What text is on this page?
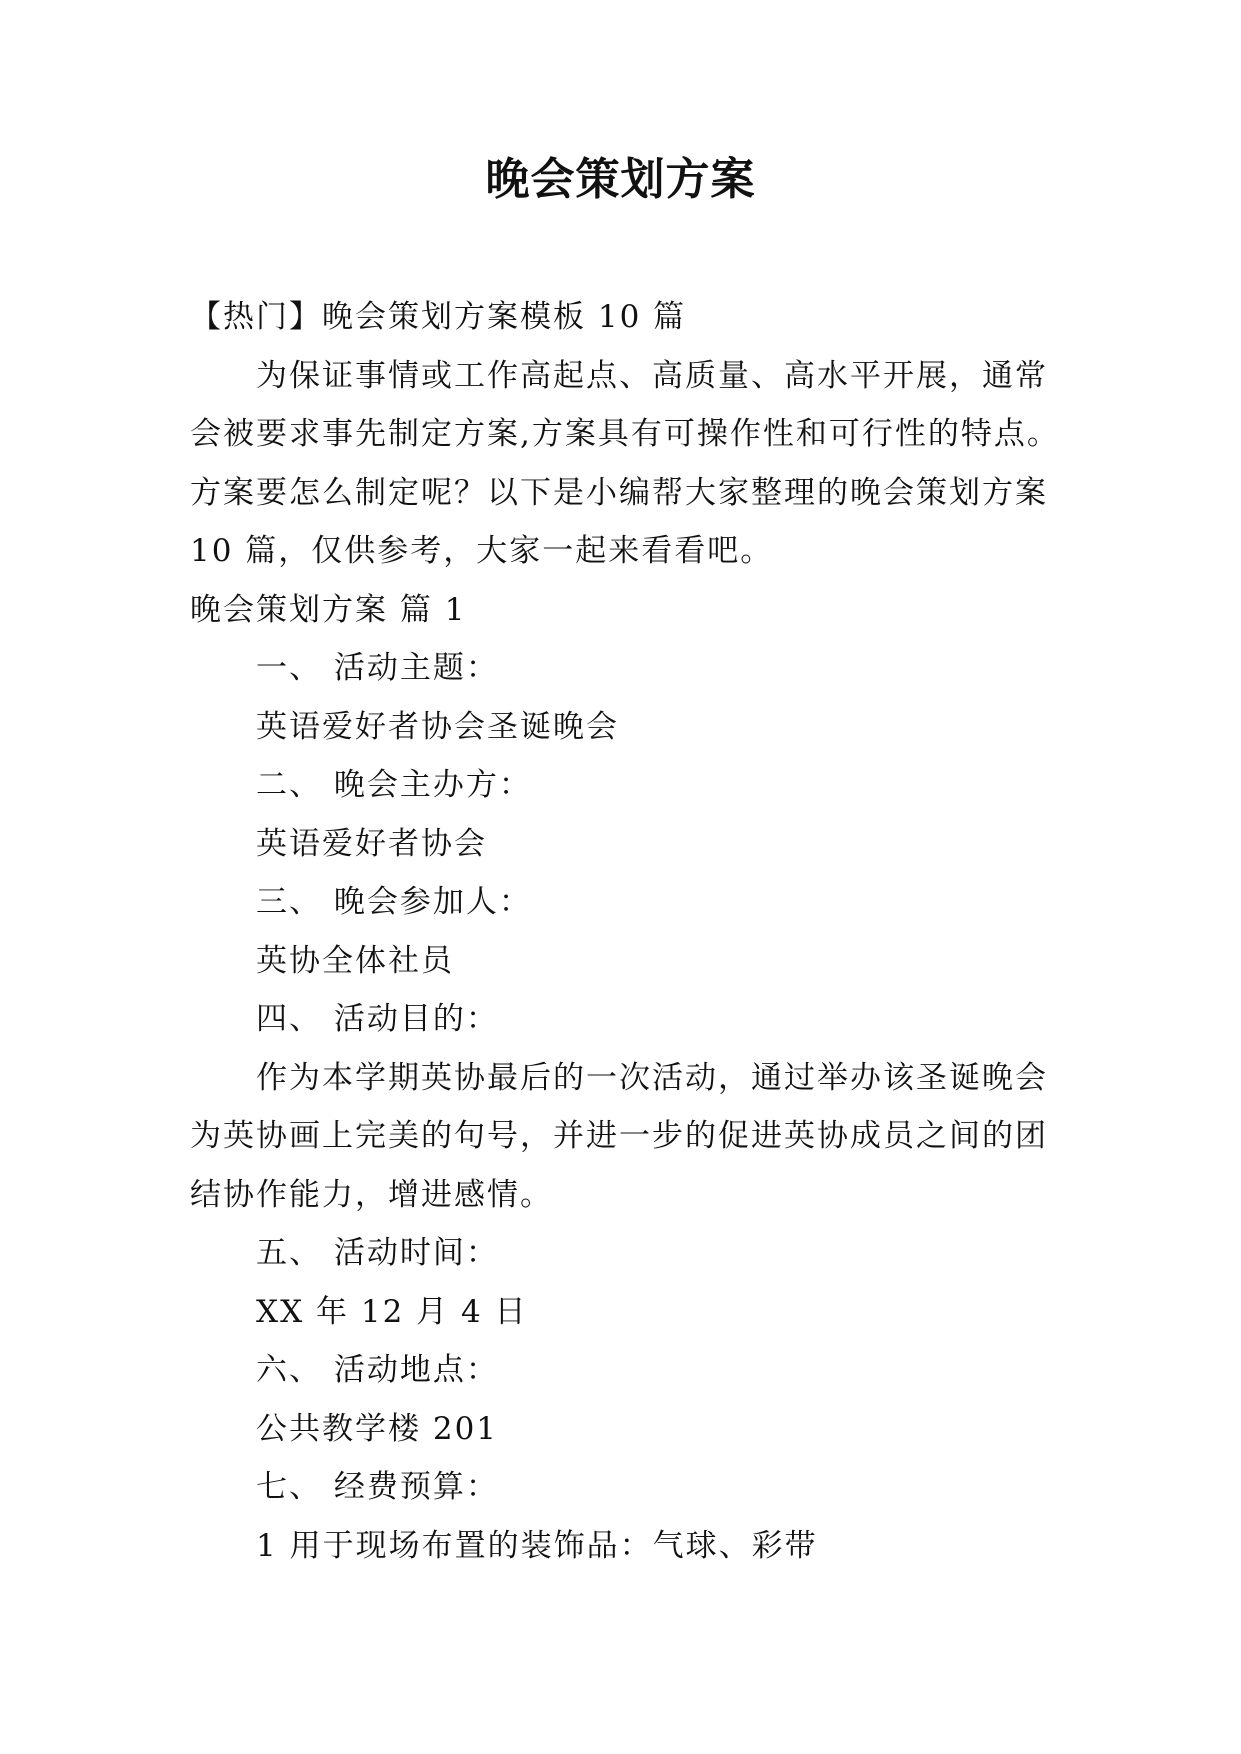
晚会策划方案

【热门】晚会策划方案模板 10 篇

为保证事情或工作高起点、高质量、高水平开展，通常会被要求事先制定方案,方案具有可操作性和可行性的特点。方案要怎么制定呢？以下是小编帮大家整理的晚会策划方案 10 篇，仅供参考，大家一起来看看吧。

晚会策划方案 篇 1

一、 活动主题：

英语爱好者协会圣诞晚会

二、 晚会主办方：

英语爱好者协会

三、 晚会参加人：

英协全体社员

四、 活动目的：

作为本学期英协最后的一次活动，通过举办该圣诞晚会为英协画上完美的句号，并进一步的促进英协成员之间的团结协作能力，增进感情。

五、 活动时间：

XX 年 12 月 4 日

六、 活动地点：

公共教学楼 201

七、 经费预算：

1 用于现场布置的装饰品：气球、彩带
